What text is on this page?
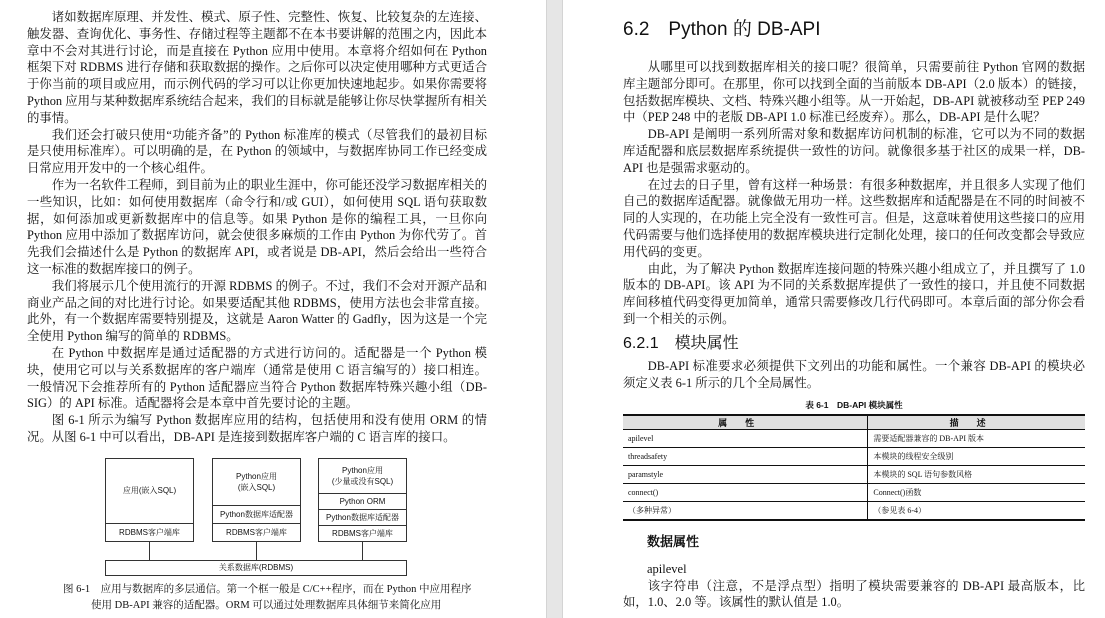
诸如数据库原理、并发性、模式、原子性、完整性、恢复、比较复杂的左连接、触发器、查询优化、事务性、存储过程等主题都不在本书要讲解的范围之内，因此本章中不会对其进行讨论，而是直接在 Python 应用中使用。本章将介绍如何在 Python 框架下对 RDBMS 进行存储和获取数据的操作。之后你可以决定使用哪种方式更适合于你当前的项目或应用，而示例代码的学习可以让你更加快速地起步。如果你需要将 Python 应用与某种数据库系统结合起来，我们的目标就是能够让你尽快掌握所有相关的事情。

我们还会打破只使用“功能齐备”的 Python 标准库的模式（尽管我们的最初目标是只使用标准库）。可以明确的是，在 Python 的领域中，与数据库协同工作已经变成日常应用开发中的一个核心组件。

作为一名软件工程师，到目前为止的职业生涯中，你可能还没学习数据库相关的一些知识，比如：如何使用数据库（命令行和/或 GUI），如何使用 SQL 语句获取数据，如何添加或更新数据库中的信息等。如果 Python 是你的编程工具，一旦你向 Python 应用中添加了数据库访问，就会使很多麻烦的工作由 Python 为你代劳了。首先我们会描述什么是 Python 的数据库 API，或者说是 DB-API，然后会给出一些符合这一标准的数据库接口的例子。

我们将展示几个使用流行的开源 RDBMS 的例子。不过，我们不会对开源产品和商业产品之间的对比进行讨论。如果要适配其他 RDBMS，使用方法也会非常直接。此外，有一个数据库需要特别提及，这就是 Aaron Watter 的 Gadfly，因为这是一个完全使用 Python 编写的简单的 RDBMS。

在 Python 中数据库是通过适配器的方式进行访问的。适配器是一个 Python 模块，使用它可以与关系数据库的客户端库（通常是使用 C 语言编写的）接口相连。一般情况下会推荐所有的 Python 适配器应当符合 Python 数据库特殊兴趣小组（DB-SIG）的 API 标准。适配器将会是本章中首先要讨论的主题。

图 6-1 所示为编写 Python 数据库应用的结构，包括使用和没有使用 ORM 的情况。从图 6-1 中可以看出，DB-API 是连接到数据库客户端的 C 语言库的接口。

应用(嵌入SQL)
RDBMS客户端库
Python应用
(嵌入SQL)
Python数据库适配器
RDBMS客户端库
Python应用
(少量或没有SQL)
Python ORM
Python数据库适配器
RDBMS客户端库
关系数据库(RDBMS)
图 6-1　应用与数据库的多层通信。第一个框一般是 C/C++程序，而在 Python 中应用程序
使用 DB-API 兼容的适配器。ORM 可以通过处理数据库具体细节来简化应用
6.2　Python 的 DB-API

从哪里可以找到数据库相关的接口呢？很简单，只需要前往 Python 官网的数据库主题部分即可。在那里，你可以找到全面的当前版本 DB-API（2.0 版本）的链接，包括数据库模块、文档、特殊兴趣小组等。从一开始起，DB-API 就被移动至 PEP 249 中（PEP 248 中的老版 DB-API 1.0 标准已经废弃）。那么，DB-API 是什么呢？

DB-API 是阐明一系列所需对象和数据库访问机制的标准，它可以为不同的数据库适配器和底层数据库系统提供一致性的访问。就像很多基于社区的成果一样，DB-API 也是强需求驱动的。

在过去的日子里，曾有这样一种场景：有很多种数据库，并且很多人实现了他们自己的数据库适配器。就像做无用功一样。这些数据库和适配器是在不同的时间被不同的人实现的，在功能上完全没有一致性可言。但是，这意味着使用这些接口的应用代码需要与他们选择使用的数据库模块进行定制化处理，接口的任何改变都会导致应用代码的变更。

由此，为了解决 Python 数据库连接问题的特殊兴趣小组成立了，并且撰写了 1.0 版本的 DB-API。该 API 为不同的关系数据库提供了一致性的接口，并且使不同数据库间移植代码变得更加简单，通常只需要修改几行代码即可。本章后面的部分你会看到一个相关的示例。

6.2.1　模块属性

DB-API 标准要求必须提供下文列出的功能和属性。一个兼容 DB-API 的模块必须定义表 6-1 所示的几个全局属性。

表 6-1　DB-API 模块属性
属性	描述
apilevel	需要适配器兼容的 DB-API 版本
threadsafety	本模块的线程安全级别
paramstyle	本模块的 SQL 语句参数风格
connect()	Connect()函数
（多种异常）	（参见表 6-4）
数据属性
apilevel

该字符串（注意，不是浮点型）指明了模块需要兼容的 DB-API 最高版本，比如，1.0、2.0 等。该属性的默认值是 1.0。
